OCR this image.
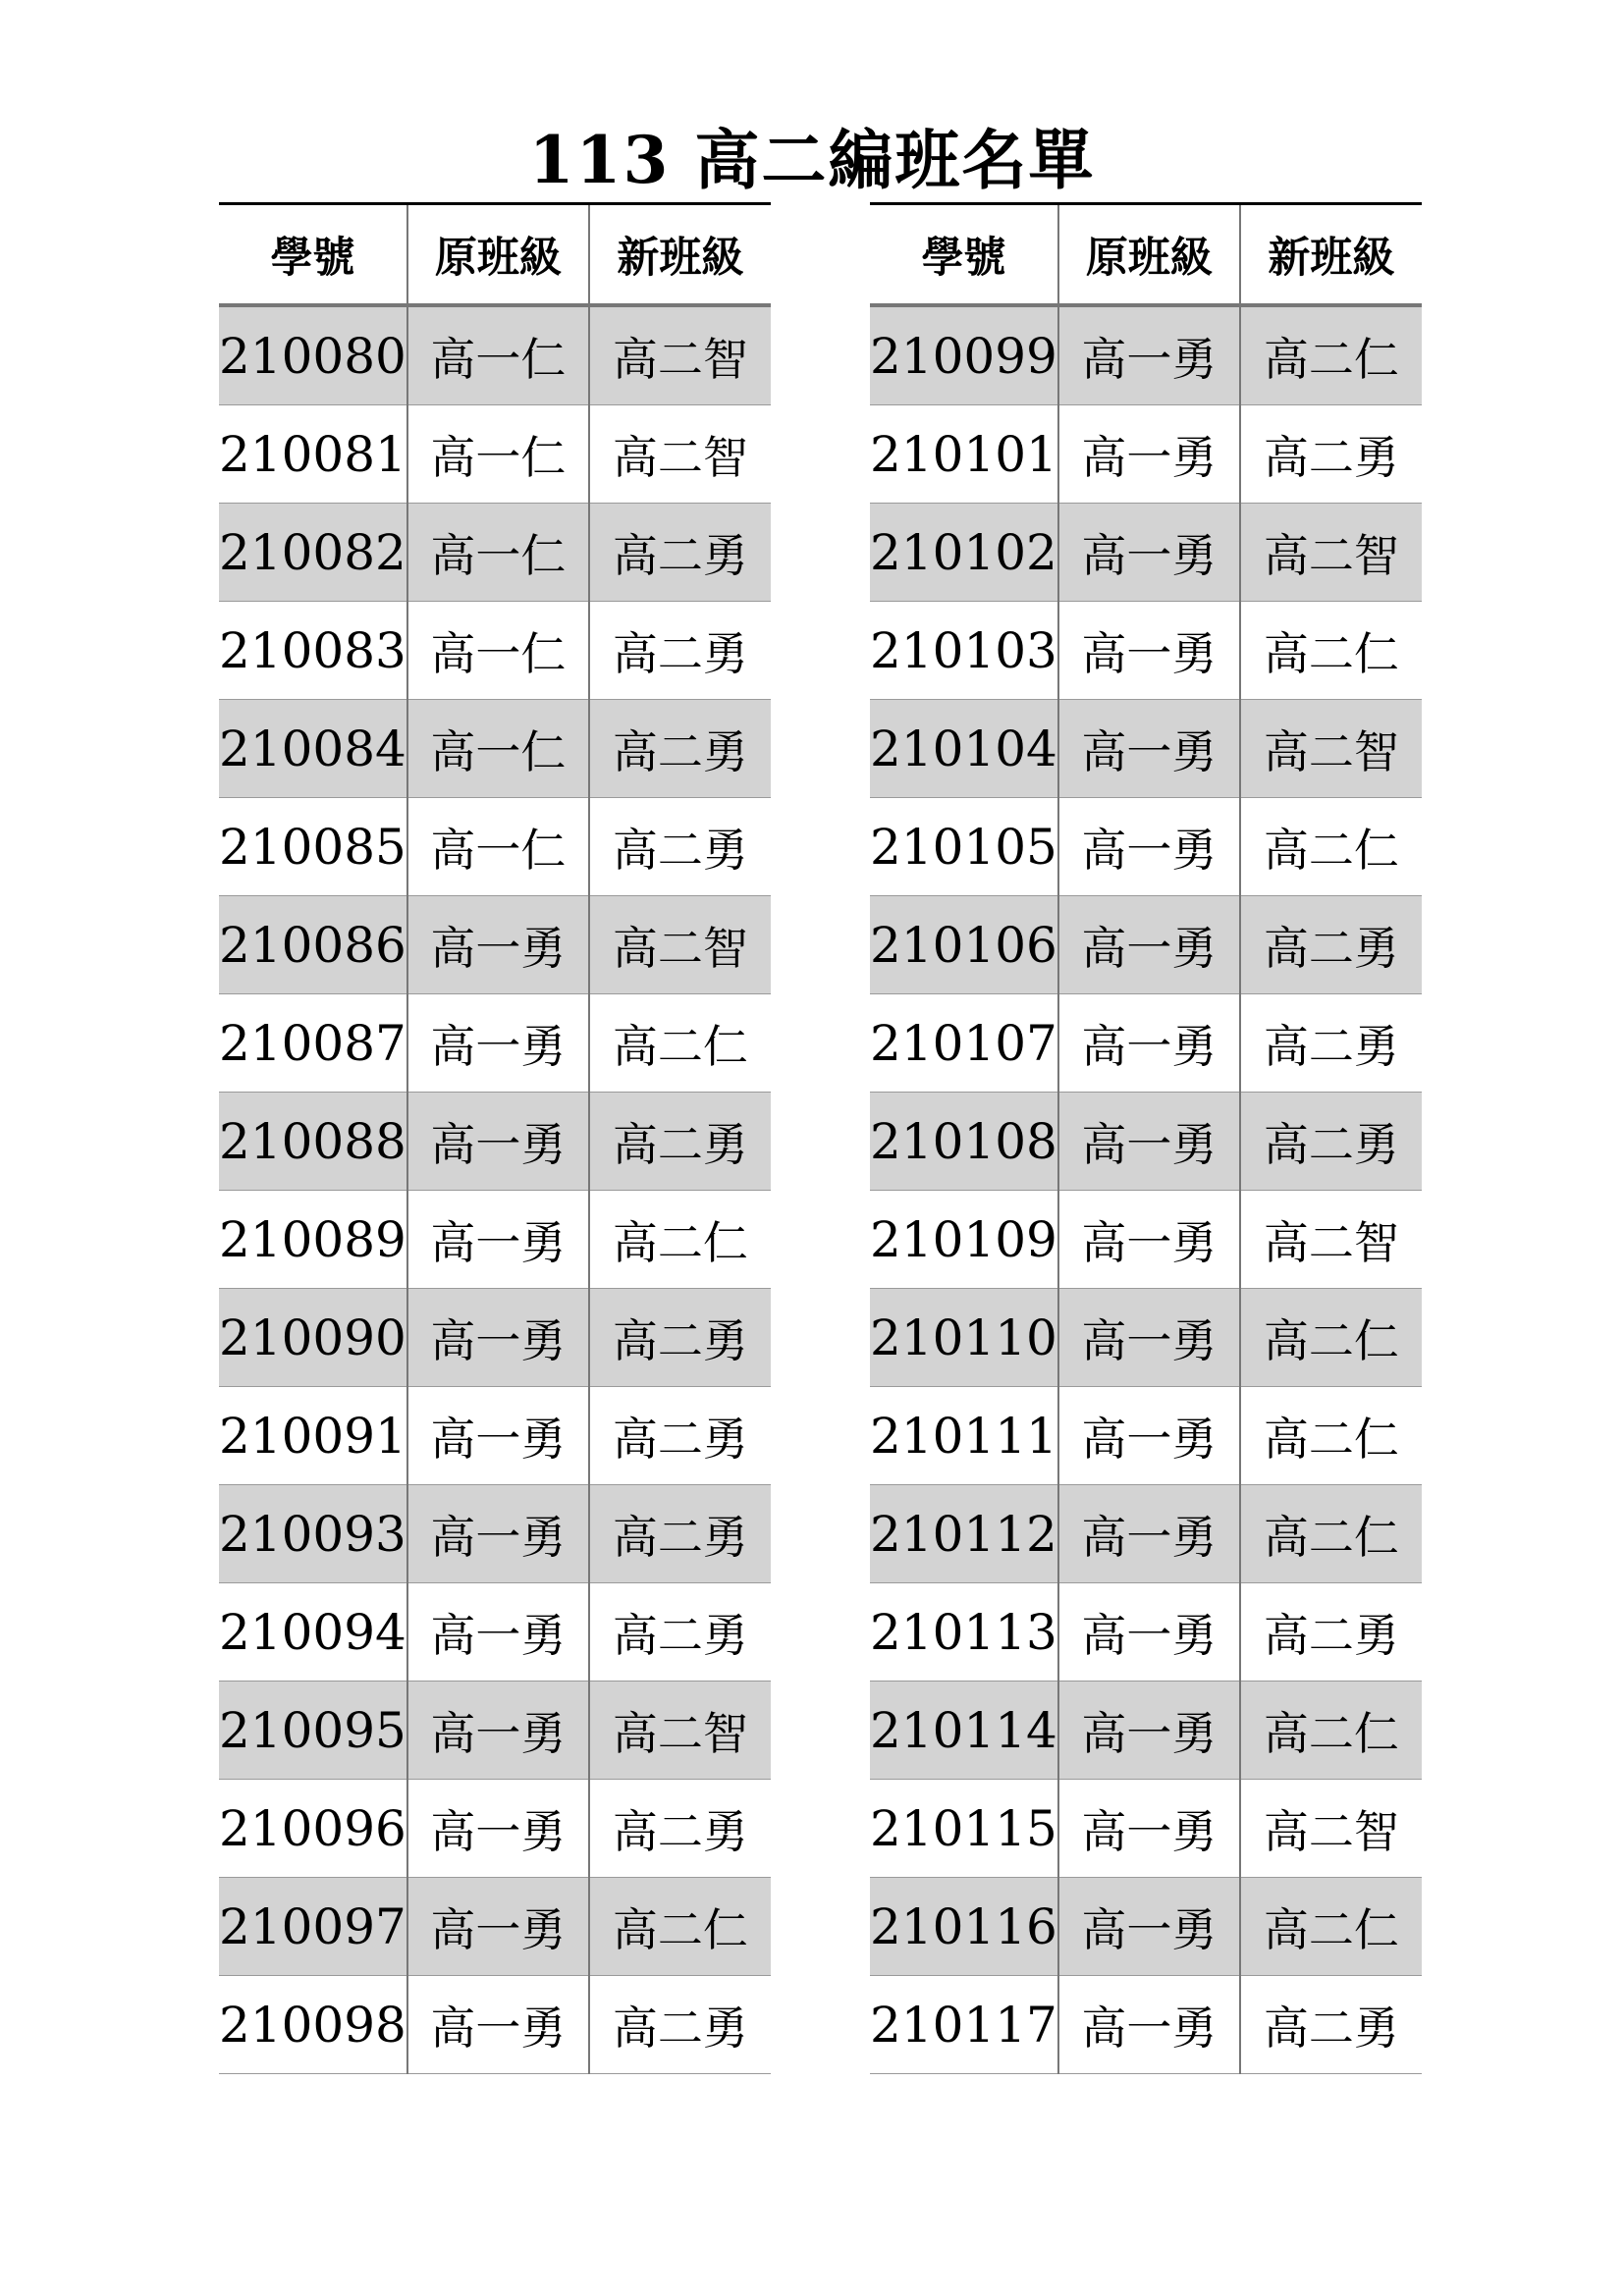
113 高二編班名單
學號	原班級	新班級
210080	高一仁	高二智
210081	高一仁	高二智
210082	高一仁	高二勇
210083	高一仁	高二勇
210084	高一仁	高二勇
210085	高一仁	高二勇
210086	高一勇	高二智
210087	高一勇	高二仁
210088	高一勇	高二勇
210089	高一勇	高二仁
210090	高一勇	高二勇
210091	高一勇	高二勇
210093	高一勇	高二勇
210094	高一勇	高二勇
210095	高一勇	高二智
210096	高一勇	高二勇
210097	高一勇	高二仁
210098	高一勇	高二勇
學號	原班級	新班級
210099	高一勇	高二仁
210101	高一勇	高二勇
210102	高一勇	高二智
210103	高一勇	高二仁
210104	高一勇	高二智
210105	高一勇	高二仁
210106	高一勇	高二勇
210107	高一勇	高二勇
210108	高一勇	高二勇
210109	高一勇	高二智
210110	高一勇	高二仁
210111	高一勇	高二仁
210112	高一勇	高二仁
210113	高一勇	高二勇
210114	高一勇	高二仁
210115	高一勇	高二智
210116	高一勇	高二仁
210117	高一勇	高二勇
